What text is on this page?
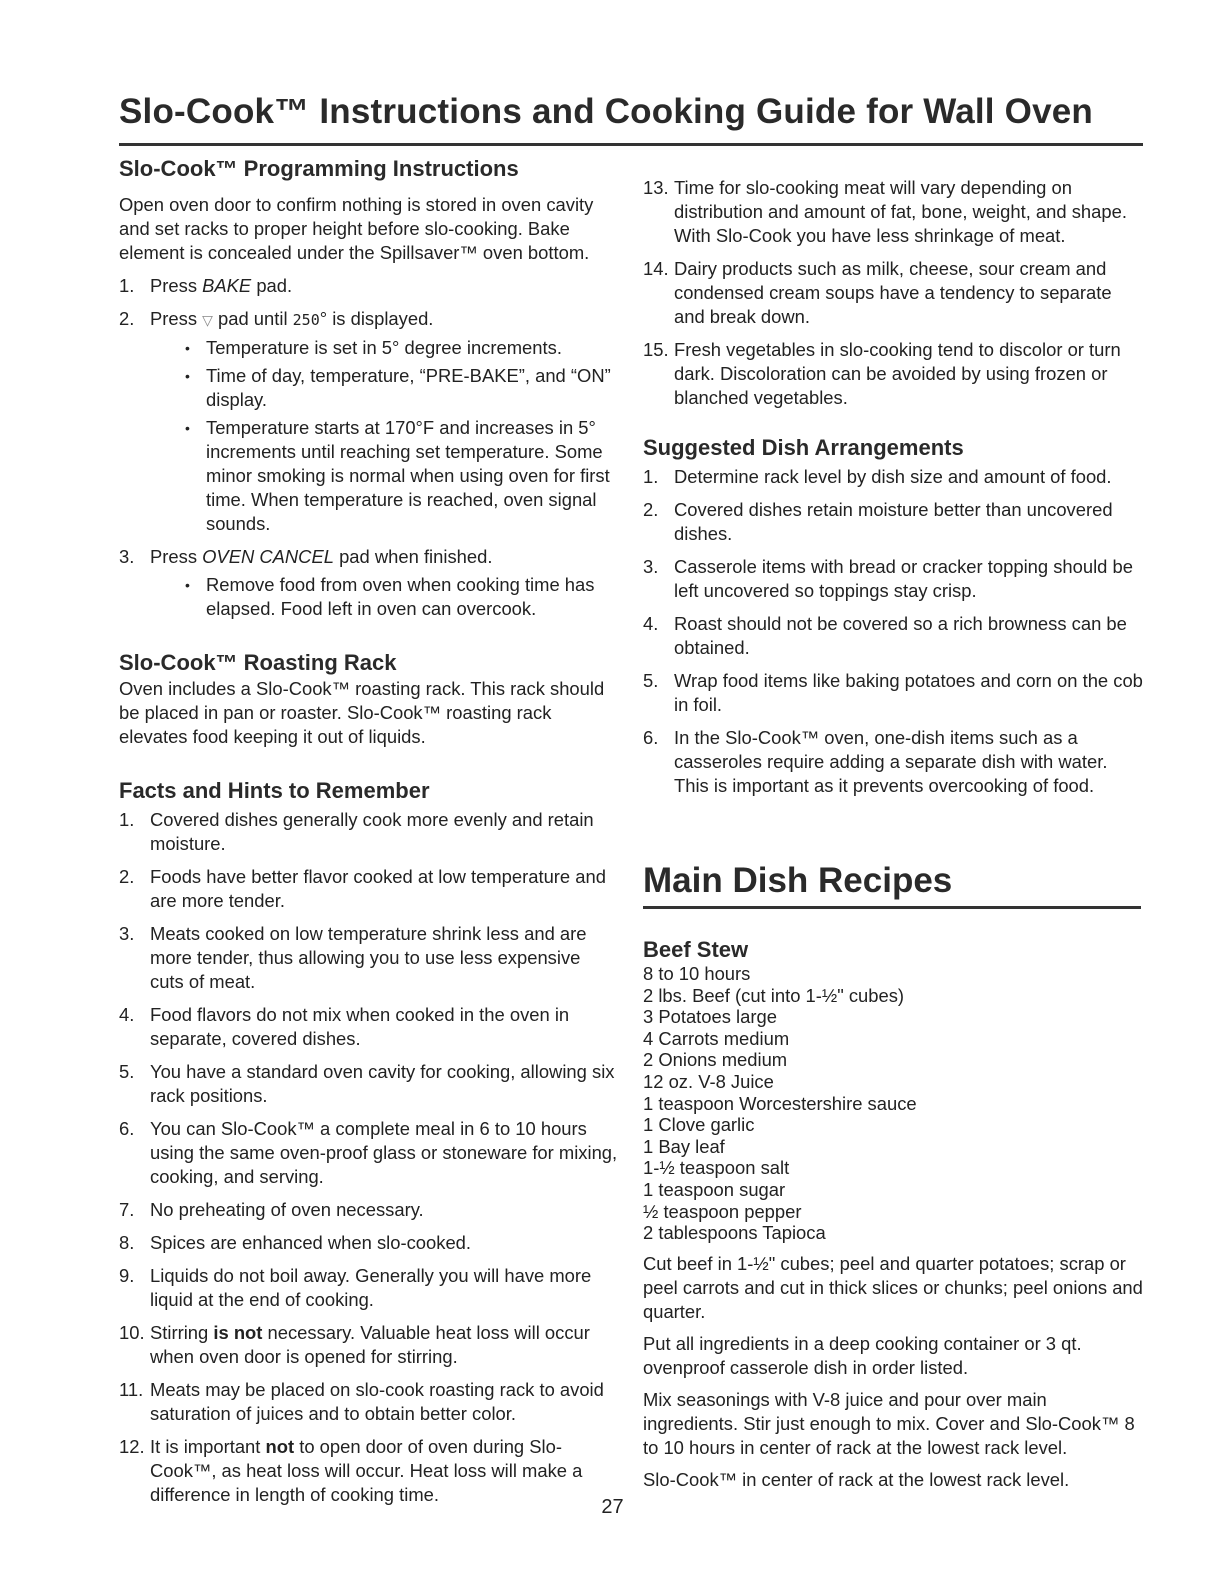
Slo-Cook™ Instructions and Cooking Guide for Wall Oven
Slo-Cook™ Programming Instructions

Open oven door to confirm nothing is stored in oven cavity and set racks to proper height before slo-cooking. Bake element is concealed under the Spillsaver™ oven bottom.

1. Press BAKE pad.
2. Press ▽ pad until 250° is displayed.
• Temperature is set in 5° degree increments.
• Time of day, temperature, “PRE-BAKE”, and “ON” display.
• Temperature starts at 170°F and increases in 5° increments until reaching set temperature. Some minor smoking is normal when using oven for first time. When temperature is reached, oven signal sounds.
3. Press OVEN CANCEL pad when finished.
• Remove food from oven when cooking time has elapsed. Food left in oven can overcook.
Slo-Cook™ Roasting Rack

Oven includes a Slo-Cook™ roasting rack. This rack should be placed in pan or roaster. Slo-Cook™ roasting rack elevates food keeping it out of liquids.

Facts and Hints to Remember
1. Covered dishes generally cook more evenly and retain moisture.
2. Foods have better flavor cooked at low temperature and are more tender.
3. Meats cooked on low temperature shrink less and are more tender, thus allowing you to use less expensive cuts of meat.
4. Food flavors do not mix when cooked in the oven in separate, covered dishes.
5. You have a standard oven cavity for cooking, allowing six rack positions.
6. You can Slo-Cook™ a complete meal in 6 to 10 hours using the same oven-proof glass or stoneware for mixing, cooking, and serving.
7. No preheating of oven necessary.
8. Spices are enhanced when slo-cooked.
9. Liquids do not boil away. Generally you will have more liquid at the end of cooking.
10. Stirring is not necessary. Valuable heat loss will occur when oven door is opened for stirring.
11. Meats may be placed on slo-cook roasting rack to avoid saturation of juices and to obtain better color.
12. It is important not to open door of oven during Slo-Cook™, as heat loss will occur. Heat loss will make a difference in length of cooking time.
13. Time for slo-cooking meat will vary depending on distribution and amount of fat, bone, weight, and shape. With Slo-Cook you have less shrinkage of meat.
14. Dairy products such as milk, cheese, sour cream and condensed cream soups have a tendency to separate and break down.
15. Fresh vegetables in slo-cooking tend to discolor or turn dark. Discoloration can be avoided by using frozen or blanched vegetables.
Suggested Dish Arrangements
1. Determine rack level by dish size and amount of food.
2. Covered dishes retain moisture better than uncovered dishes.
3. Casserole items with bread or cracker topping should be left uncovered so toppings stay crisp.
4. Roast should not be covered so a rich browness can be obtained.
5. Wrap food items like baking potatoes and corn on the cob in foil.
6. In the Slo-Cook™ oven, one-dish items such as a casseroles require adding a separate dish with water. This is important as it prevents overcooking of food.
Main Dish Recipes
Beef Stew
8 to 10 hours
2 lbs. Beef (cut into 1-½" cubes)
3 Potatoes large
4 Carrots medium
2 Onions medium
12 oz. V-8 Juice
1 teaspoon Worcestershire sauce
1 Clove garlic
1 Bay leaf
1-½ teaspoon salt
1 teaspoon sugar
½ teaspoon pepper
2 tablespoons Tapioca

Cut beef in 1-½" cubes; peel and quarter potatoes; scrap or peel carrots and cut in thick slices or chunks; peel onions and quarter.

Put all ingredients in a deep cooking container or 3 qt. ovenproof casserole dish in order listed.

Mix seasonings with V-8 juice and pour over main ingredients. Stir just enough to mix. Cover and Slo-Cook™ 8 to 10 hours in center of rack at the lowest rack level.

Slo-Cook™ in center of rack at the lowest rack level.

27
